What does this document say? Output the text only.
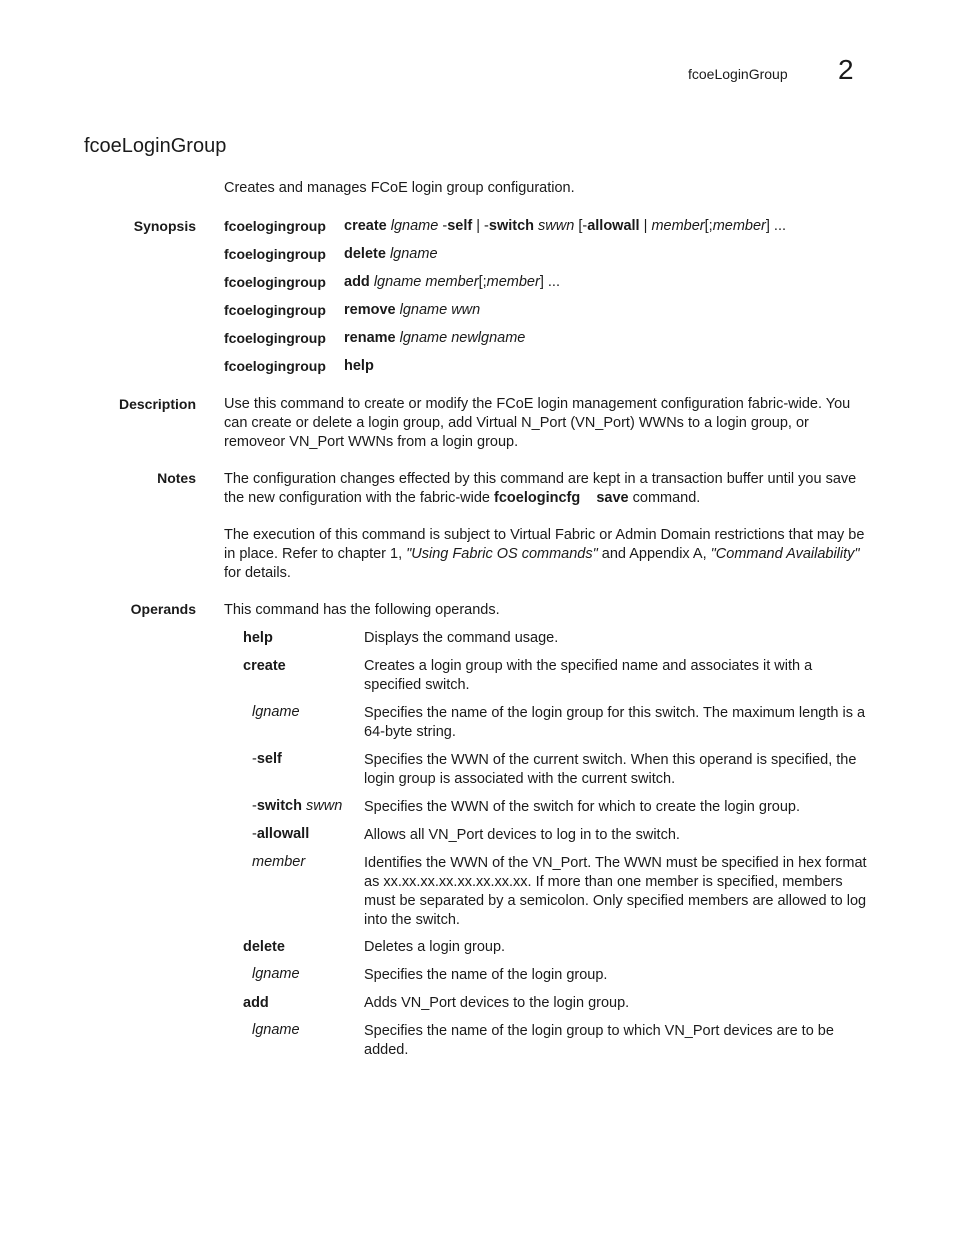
fcoeLoginGroup 2
fcoeLoginGroup
Creates and manages FCoE login group configuration.
Synopsis fcoelogingroup create lgname -self | -switch swwn [-allowall | member[;member] ...
fcoelogingroup delete lgname
fcoelogingroup add lgname member[;member] ...
fcoelogingroup remove lgname wwn
fcoelogingroup rename lgname newlgname
fcoelogingroup help
Description Use this command to create or modify the FCoE login management configuration fabric-wide. You can create or delete a login group, add Virtual N_Port (VN_Port) WWNs to a login group, or removeor VN_Port WWNs from a login group.
Notes The configuration changes effected by this command are kept in a transaction buffer until you save the new configuration with the fabric-wide fcoelogincfg save command.
The execution of this command is subject to Virtual Fabric or Admin Domain restrictions that may be in place. Refer to chapter 1, "Using Fabric OS commands" and Appendix A, "Command Availability" for details.
Operands This command has the following operands.
help	Displays the command usage.
create	Creates a login group with the specified name and associates it with a specified switch.
lgname	Specifies the name of the login group for this switch. The maximum length is a 64-byte string.
-self	Specifies the WWN of the current switch. When this operand is specified, the login group is associated with the current switch.
-switch swwn Specifies the WWN of the switch for which to create the login group.
-allowall	Allows all VN_Port devices to log in to the switch.
member	Identifies the WWN of the VN_Port. The WWN must be specified in hex format as xx.xx.xx.xx.xx.xx.xx.xx. If more than one member is specified, members must be separated by a semicolon. Only specified members are allowed to log into the switch.
delete	Deletes a login group.
lgname	Specifies the name of the login group.
add	Adds VN_Port devices to the login group.
lgname	Specifies the name of the login group to which VN_Port devices are to be added.
